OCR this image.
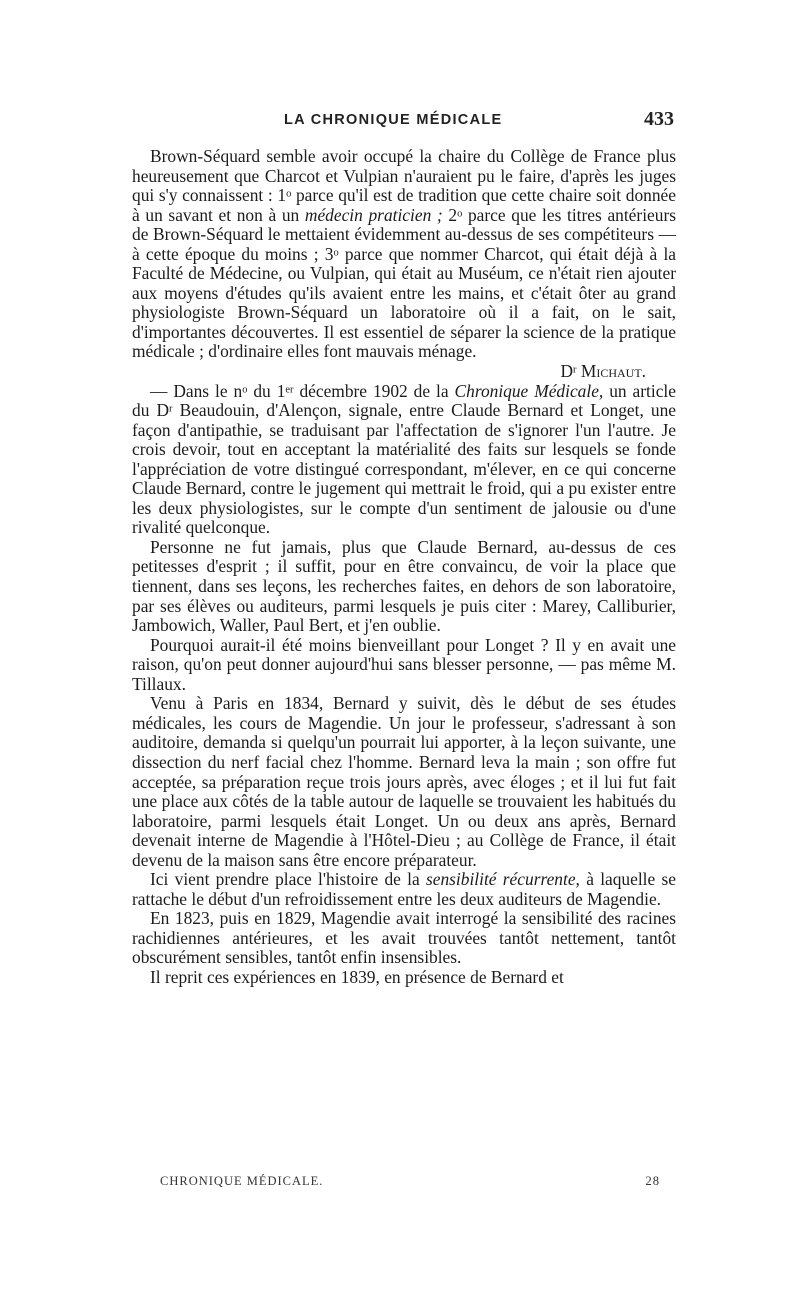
LA CHRONIQUE MÉDICALE	433

Brown-Séquard semble avoir occupé la chaire du Collège de France plus heureusement que Charcot et Vulpian n'auraient pu le faire, d'après les juges qui s'y connaissent : 1$^o$ parce qu'il est de tradition que cette chaire soit donnée à un savant et non à un médecin praticien ; 2$^o$ parce que les titres antérieurs de Brown-Séquard le mettaient évidemment au-dessus de ses compétiteurs — à cette époque du moins ; 3$^o$ parce que nommer Charcot, qui était déjà à la Faculté de Médecine, ou Vulpian, qui était au Muséum, ce n'était rien ajouter aux moyens d'études qu'ils avaient entre les mains, et c'était ôter au grand physiologiste Brown-Séquard un laboratoire où il a fait, on le sait, d'importantes découvertes. Il est essentiel de séparer la science de la pratique médicale ; d'ordinaire elles font mauvais ménage.

$D^r$ Michaut.

— Dans le $n^o$ du 1er décembre 1902 de la Chronique Médicale, un article du $D^r$ Beaudouin, d'Alençon, signale, entre Claude Bernard et Longet, une façon d'antipathie, se traduisant par l'affectation de s'ignorer l'un l'autre. Je crois devoir, tout en acceptant la matérialité des faits sur lesquels se fonde l'appréciation de votre distingué correspondant, m'élever, en ce qui concerne Claude Bernard, contre le jugement qui mettrait le froid, qui a pu exister entre les deux physiologistes, sur le compte d'un sentiment de jalousie ou d'une rivalité quelconque.

Personne ne fut jamais, plus que Claude Bernard, au-dessus de ces petitesses d'esprit ; il suffit, pour en être convaincu, de voir la place que tiennent, dans ses leçons, les recherches faites, en dehors de son laboratoire, par ses élèves ou auditeurs, parmi lesquels je puis citer : Marey, Calliburier, Jambowich, Waller, Paul Bert, et j'en oublie.

Pourquoi aurait-il été moins bienveillant pour Longet ? Il y en avait une raison, qu'on peut donner aujourd'hui sans blesser personne, — pas même M. Tillaux.

Venu à Paris en 1834, Bernard y suivit, dès le début de ses études médicales, les cours de Magendie. Un jour le professeur, s'adressant à son auditoire, demanda si quelqu'un pourrait lui apporter, à la leçon suivante, une dissection du nerf facial chez l'homme. Bernard leva la main ; son offre fut acceptée, sa préparation reçue trois jours après, avec éloges ; et il lui fut fait une place aux côtés de la table autour de laquelle se trouvaient les habitués du laboratoire, parmi lesquels était Longet. Un ou deux ans après, Bernard devenait interne de Magendie à l'Hôtel-Dieu ; au Collège de France, il était devenu de la maison sans être encore préparateur.

Ici vient prendre place l'histoire de la sensibilité récurrente, à laquelle se rattache le début d'un refroidissement entre les deux auditeurs de Magendie.

En 1823, puis en 1829, Magendie avait interrogé la sensibilité des racines rachidiennes antérieures, et les avait trouvées tantôt nettement, tantôt obscurément sensibles, tantôt enfin insensibles.

Il reprit ces expériences en 1839, en présence de Bernard et

CHRONIQUE MÉDICALE.	28
